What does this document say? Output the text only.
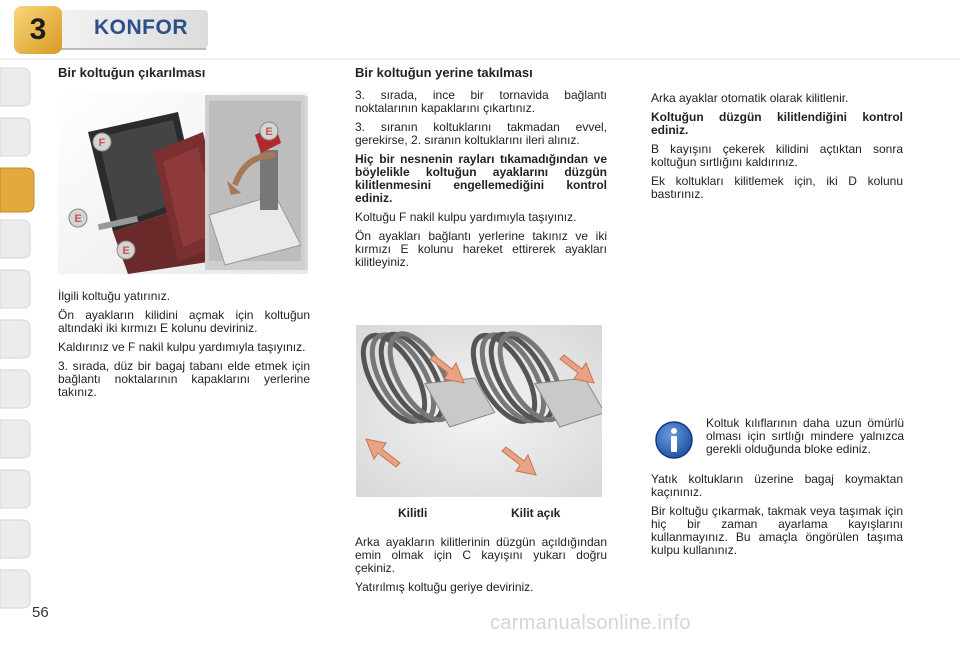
3	KONFOR
Bir koltuğun çıkarılması
F
E
E

İlgili koltuğu yatırınız.

Ön ayakların kilidini açmak için koltuğun altındaki iki kırmızı E kolunu deviriniz.

Kaldırınız ve F nakil kulpu yardımıyla taşıyınız.

3. sırada, düz bir bagaj tabanı elde etmek için bağlantı noktalarının kapaklarını yerlerine takınız.

Bir koltuğun yerine takılması

3. sırada, ince bir tornavida bağlantı noktalarının kapaklarını çıkartınız.

3. sıranın koltuklarını takmadan evvel, gerekirse, 2. sıranın koltuklarını ileri alınız.

Hiç bir nesnenin rayları tıkamadığından ve böylelikle koltuğun ayaklarını düzgün kilitlenmesini engellemediğini kontrol ediniz.

Koltuğu F nakil kulpu yardımıyla taşıyınız.

Ön ayakları bağlantı yerlerine takınız ve iki kırmızı E kolunu hareket ettirerek ayakları kilitleyiniz.

Kilitli	Kilit açık

Arka ayakların kilitlerinin düzgün açıldığından emin olmak için C kayışını yukarı doğru çekiniz.

Yatırılmış koltuğu geriye deviriniz.

Arka ayaklar otomatik olarak kilitlenir.

Koltuğun düzgün kilitlendiğini kontrol ediniz.

B kayışını çekerek kilidini açtıktan sonra koltuğun sırtlığını kaldırınız.

Ek koltukları kilitlemek için, iki D kolunu bastırınız.

Koltuk kılıflarının daha uzun ömürlü olması için sırtlığı mindere yalnızca gerekli olduğunda bloke ediniz.

Yatık koltukların üzerine bagaj koymaktan kaçınınız.

Bir koltuğu çıkarmak, takmak veya taşımak için hiç bir zaman ayarlama kayışlarını kullanmayınız. Bu amaçla öngörülen taşıma kulpu kullanınız.

E
56	carmanualsonline.info
